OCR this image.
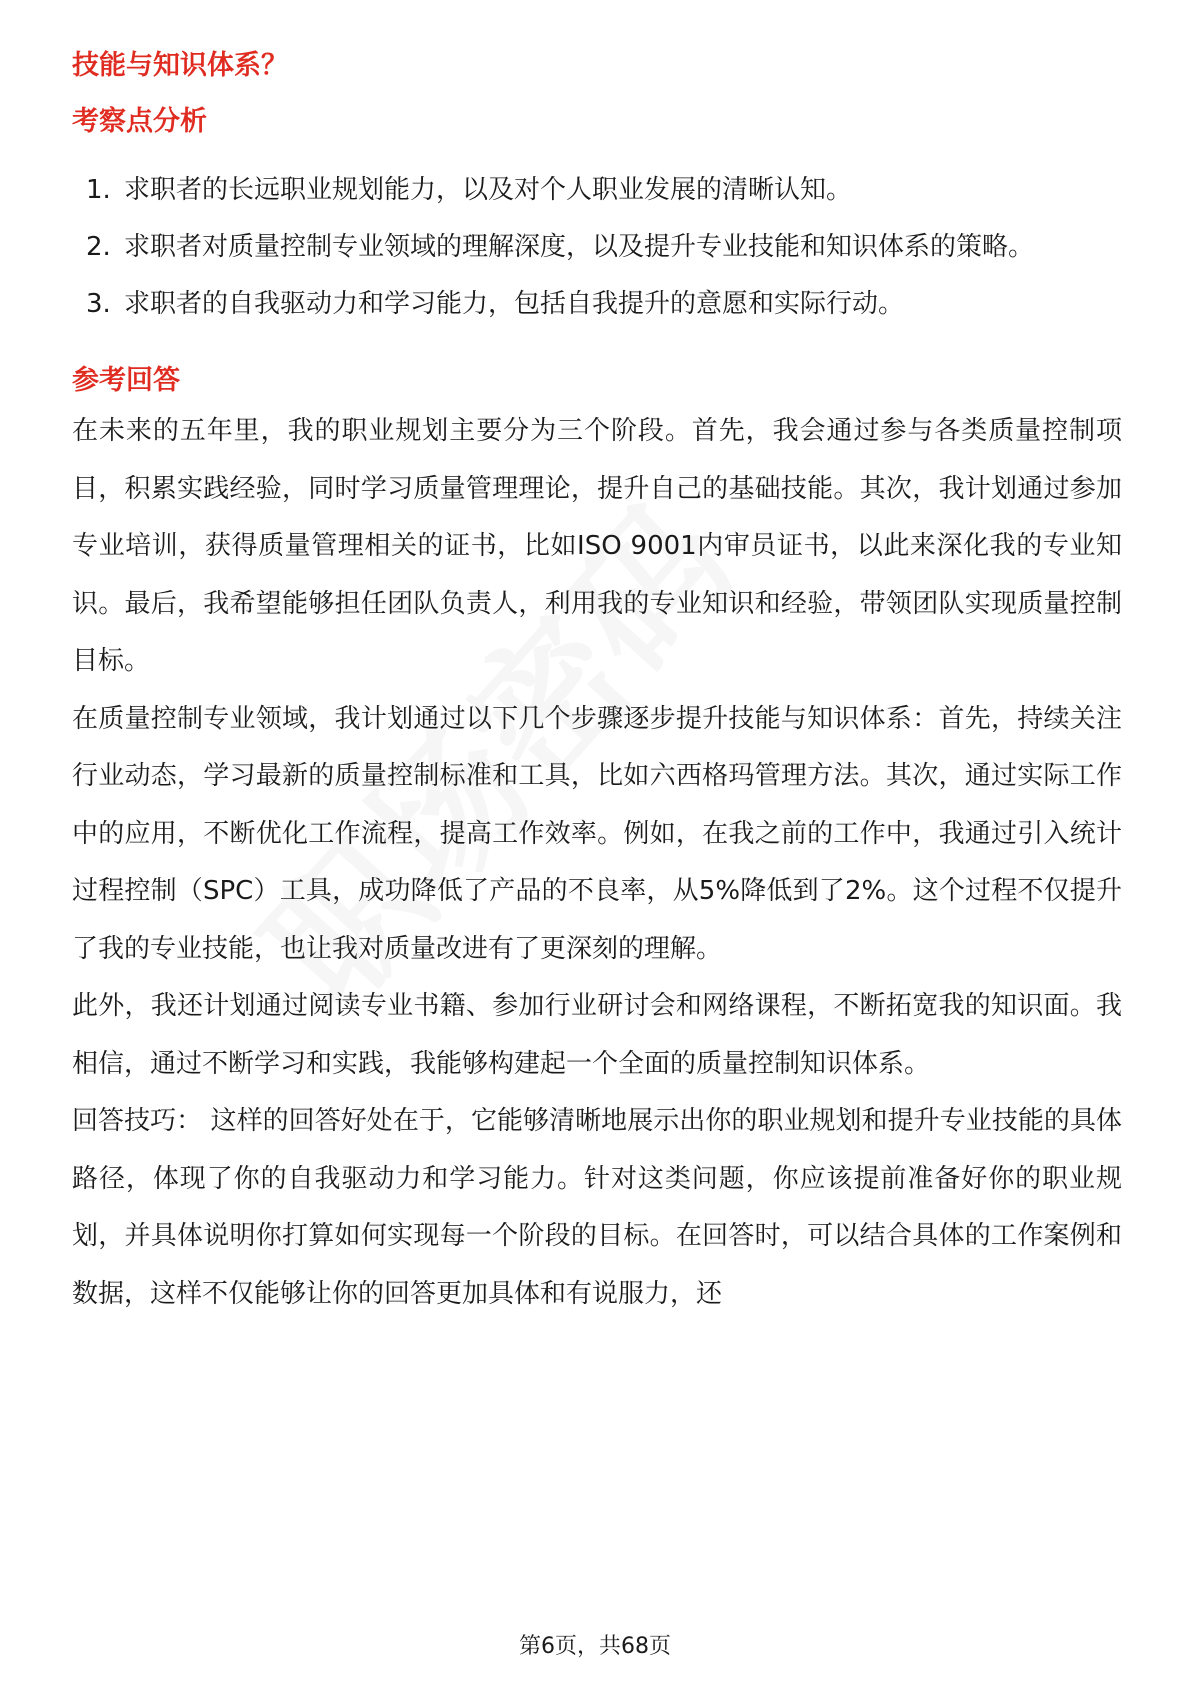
技能与知识体系？
考察点分析
1. 求职者的长远职业规划能力，以及对个人职业发展的清晰认知。
2. 求职者对质量控制专业领域的理解深度，以及提升专业技能和知识体系的策略。
3. 求职者的自我驱动力和学习能力，包括自我提升的意愿和实际行动。
参考回答

在未来的五年里，我的职业规划主要分为三个阶段。首先，我会通过参与各类质量控制项目，积累实践经验，同时学习质量管理理论，提升自己的基础技能。其次，我计划通过参加专业培训，获得质量管理相关的证书，比如ISO 9001内审员证书，以此来深化我的专业知识。最后，我希望能够担任团队负责人，利用我的专业知识和经验，带领团队实现质量控制目标。

在质量控制专业领域，我计划通过以下几个步骤逐步提升技能与知识体系：首先，持续关注行业动态，学习最新的质量控制标准和工具，比如六西格玛管理方法。其次，通过实际工作中的应用，不断优化工作流程，提高工作效率。例如，在我之前的工作中，我通过引入统计过程控制（SPC）工具，成功降低了产品的不良率，从5%降低到了2%。这个过程不仅提升了我的专业技能，也让我对质量改进有了更深刻的理解。

此外，我还计划通过阅读专业书籍、参加行业研讨会和网络课程，不断拓宽我的知识面。我相信，通过不断学习和实践，我能够构建起一个全面的质量控制知识体系。

回答技巧： 这样的回答好处在于，它能够清晰地展示出你的职业规划和提升专业技能的具体路径，体现了你的自我驱动力和学习能力。针对这类问题，你应该提前准备好你的职业规划，并具体说明你打算如何实现每一个阶段的目标。在回答时，可以结合具体的工作案例和数据，这样不仅能够让你的回答更加具体和有说服力，还

第6页，共68页
